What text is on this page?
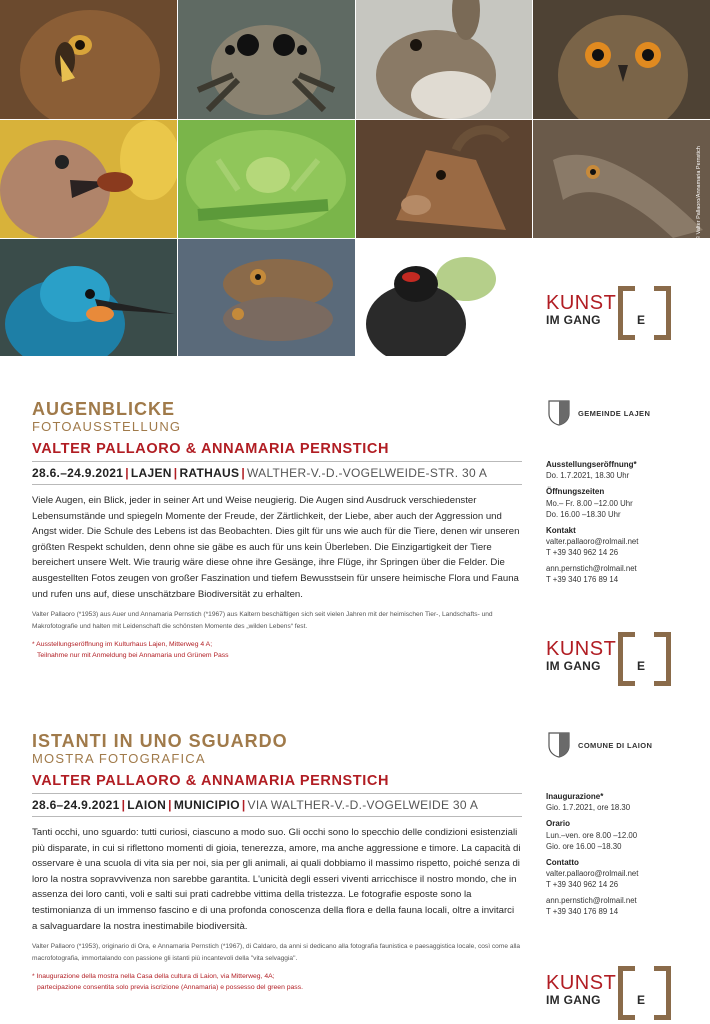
© Valter Pallaoro/Annamaria Pernstich
KUNST
IM GANG	E
AUGENBLICKE
FOTOAUSSTELLUNG
VALTER PALLAORO & ANNAMARIA PERNSTICH
28.6.–24.9.2021 | LAJEN | RATHAUS | WALTHER-V.-D.-VOGELWEIDE-STR. 30 A
Viele Augen, ein Blick, jeder in seiner Art und Weise neugierig. Die Augen sind Ausdruck verschiedenster Lebensumstände und spiegeln Momente der Freude, der Zärtlichkeit, der Liebe, aber auch der Aggression und Angst wider. Die Schule des Lebens ist das Beobachten. Dies gilt für uns wie auch für die Tiere, denen wir unseren größten Respekt schulden, denn ohne sie gäbe es auch für uns kein Überleben. Die Einzigartigkeit der Tiere bereichert unsere Welt. Wie traurig wäre diese ohne ihre Gesänge, ihre Flüge, ihr Springen über die Felder. Die ausgestellten Fotos zeugen von großer Faszination und tiefem Bewusstsein für unsere heimische Flora und Fauna und rufen uns auf, diese unschätzbare Biodiversität zu erhalten.
Valter Pallaoro (*1953) aus Auer und Annamaria Pernstich (*1967) aus Kaltern beschäftigen sich seit vielen Jahren mit der heimischen Tier-, Landschafts- und Makrofotografie und halten mit Leidenschaft die schönsten Momente des „wilden Lebens“ fest.
* Ausstellungseröffnung im Kulturhaus Lajen, Mitterweg 4 A;
Teilnahme nur mit Anmeldung bei Annamaria und Grünem Pass
GEMEINDE LAJEN
Ausstellungseröffnung*
Do. 1.7.2021, 18.30 Uhr
Öffnungszeiten
Mo.– Fr. 8.00 –12.00 Uhr
Do. 16.00 –18.30 Uhr
Kontakt
valter.pallaoro@rolmail.net
T +39 340 962 14 26
ann.pernstich@rolmail.net
T +39 340 176 89 14
KUNST
IM GANG	E
ISTANTI IN UNO SGUARDO
MOSTRA FOTOGRAFICA
VALTER PALLAORO & ANNAMARIA PERNSTICH
28.6–24.9.2021 | LAION | MUNICIPIO | VIA WALTHER-V.-D.-VOGELWEIDE 30 A
Tanti occhi, uno sguardo: tutti curiosi, ciascuno a modo suo. Gli occhi sono lo specchio delle condizioni esistenziali più disparate, in cui si riflettono momenti di gioia, tenerezza, amore, ma anche aggressione e timore. La capacità di osservare è una scuola di vita sia per noi, sia per gli animali, ai quali dobbiamo il massimo rispetto, poiché senza di loro la nostra sopravvivenza non sarebbe garantita. L'unicità degli esseri viventi arricchisce il nostro mondo, che in assenza dei loro canti, voli e salti sui prati cadrebbe vittima della tristezza. Le fotografie esposte sono la testimonianza di un immenso fascino e di una profonda conoscenza della flora e della fauna locali, oltre a invitarci a salvaguardare la nostra inestimabile biodiversità.
Valter Pallaoro (*1953), originario di Ora, e Annamaria Pernstich (*1967), di Caldaro, da anni si dedicano alla fotografia faunistica e paesaggistica locale, così come alla macrofotografia, immortalando con passione gli istanti più incantevoli della "vita selvaggia".
* Inaugurazione della mostra nella Casa della cultura di Laion, via Mitterweg, 4A;
partecipazione consentita solo previa iscrizione (Annamaria) e possesso del green pass.
COMUNE DI LAION
Inaugurazione*
Gio. 1.7.2021, ore 18.30
Orario
Lun.–ven. ore 8.00 –12.00
Gio. ore 16.00 –18.30
Contatto
valter.pallaoro@rolmail.net
T +39 340 962 14 26
ann.pernstich@rolmail.net
T +39 340 176 89 14
KUNST
IM GANG	E
